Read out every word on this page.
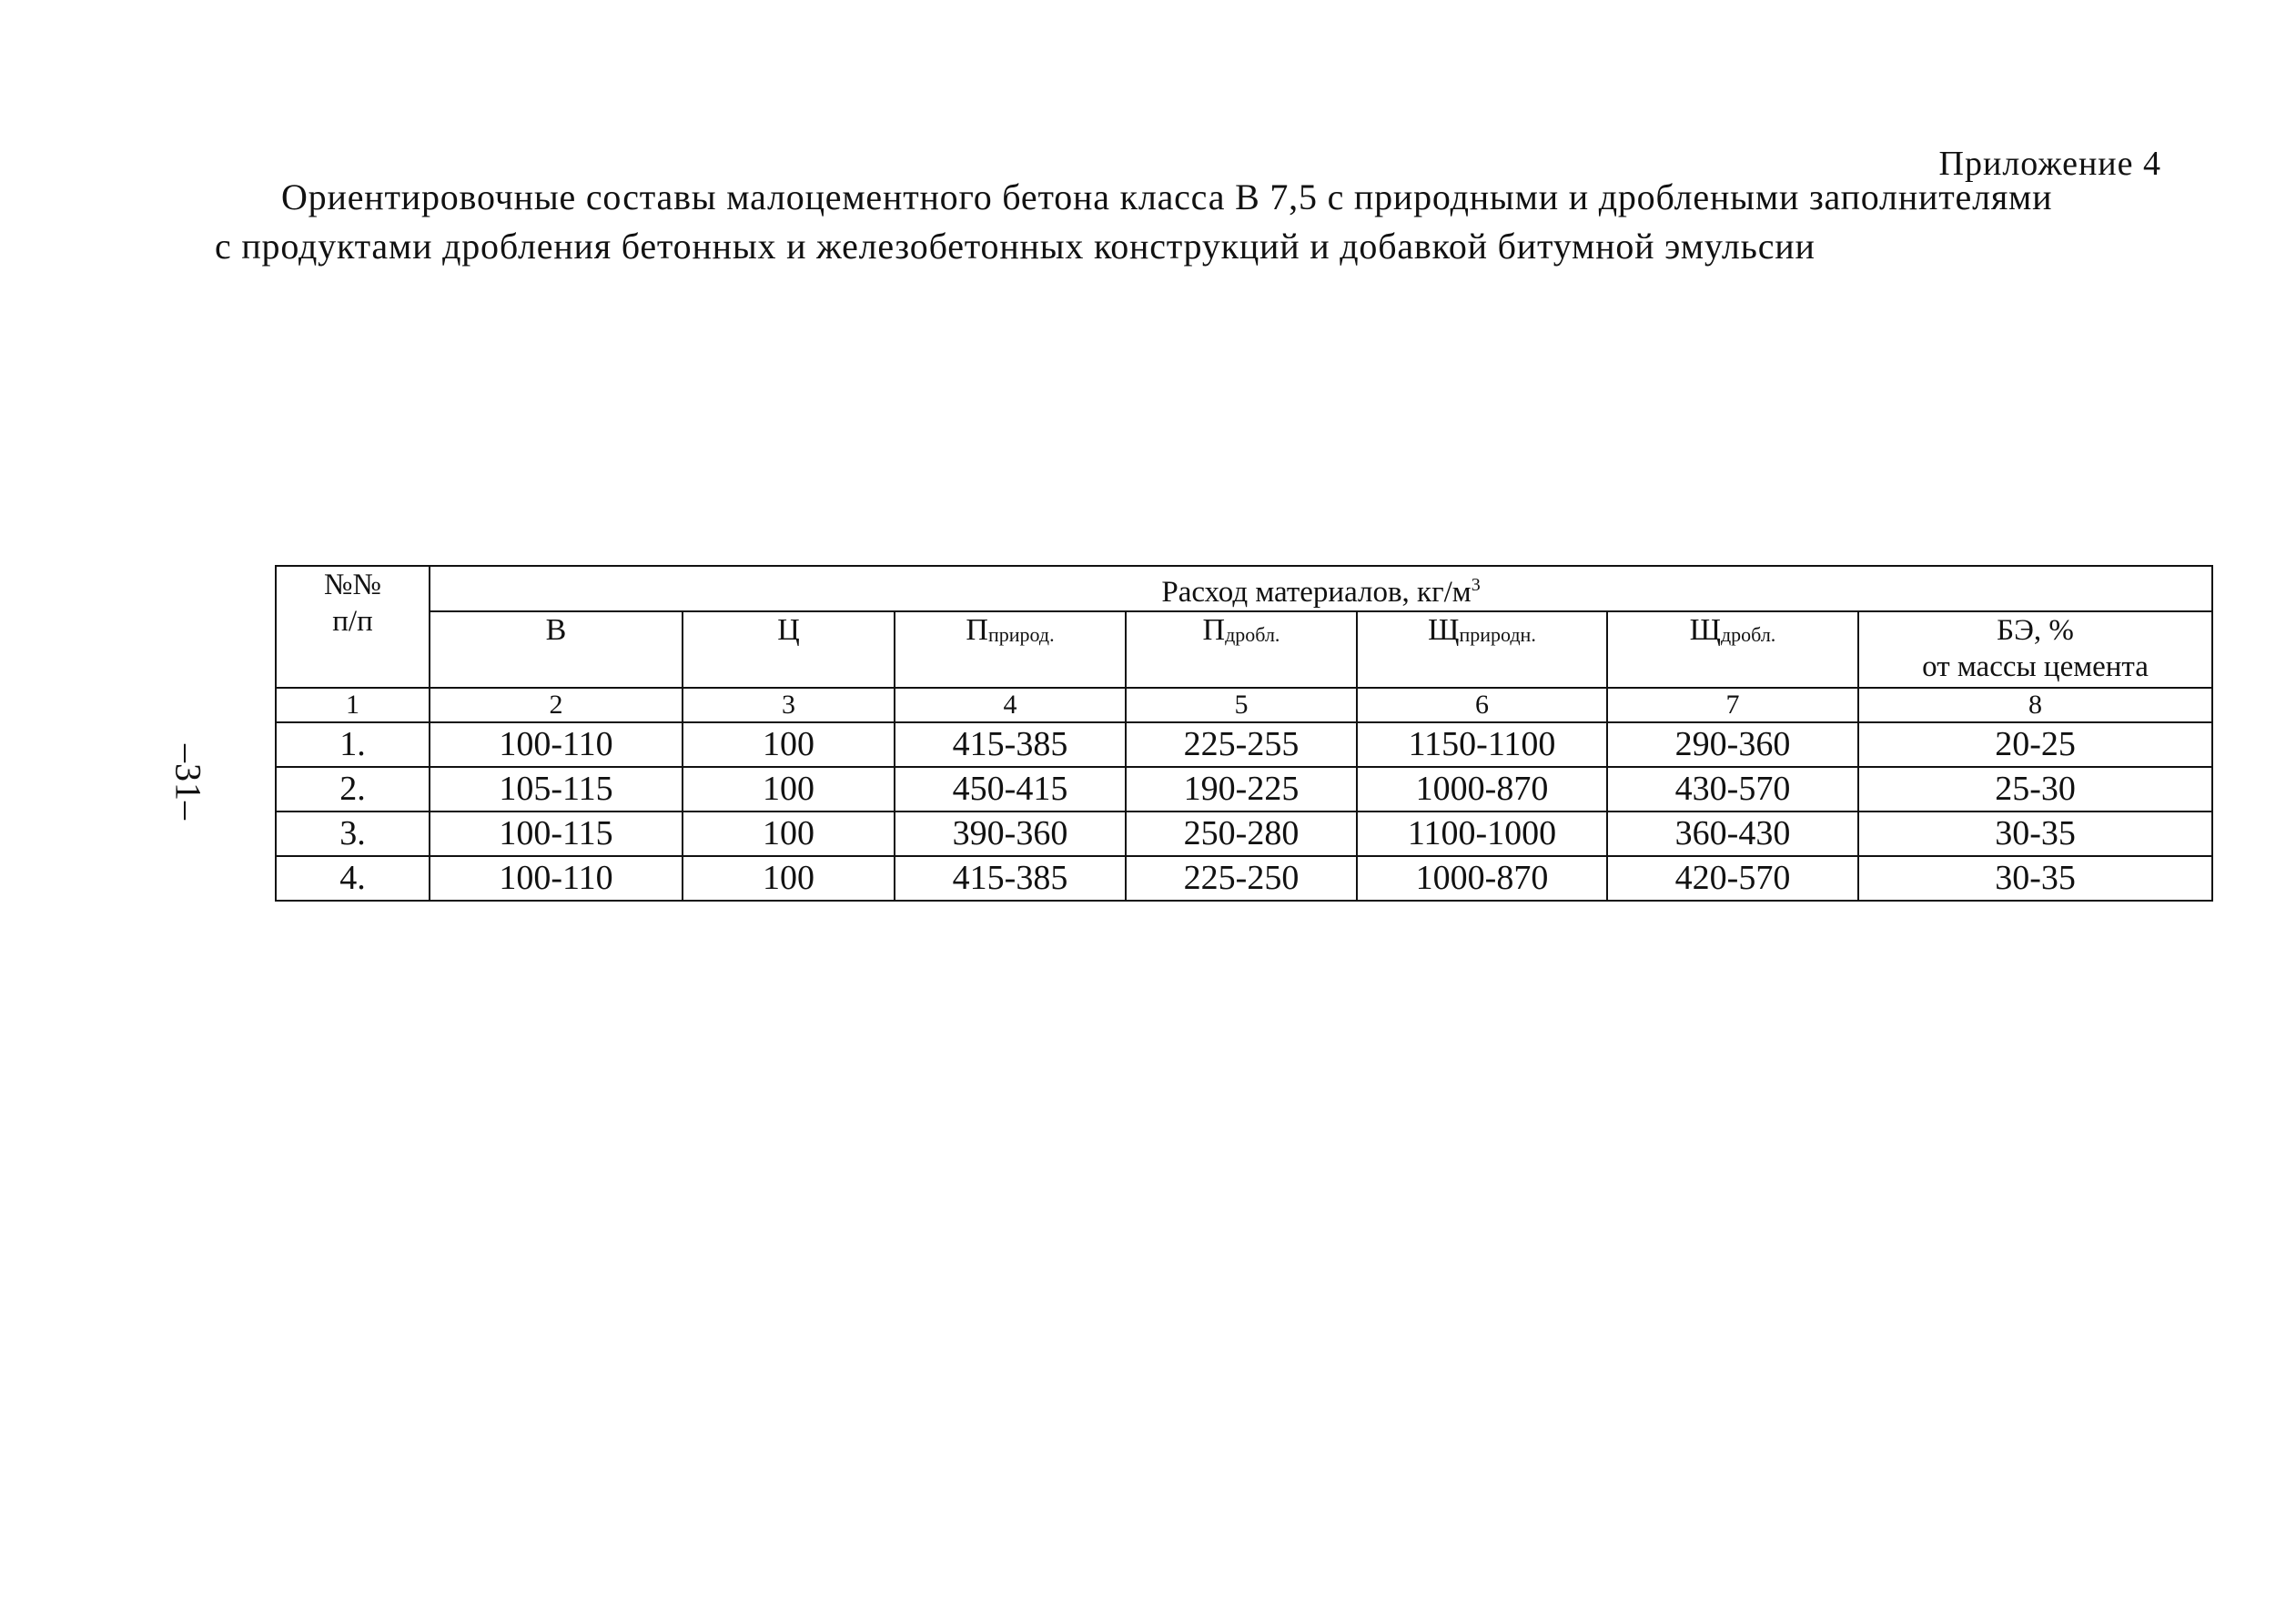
Приложение 4
Ориентировочные составы малоцементного бетона класса В 7,5 с природными и дроблеными заполнителями
с продуктами дробления бетонных и железобетонных конструкций и добавкой битумной эмульсии
–31–
№№
п/п	Расход материалов, $кг/м^3$
	В	Ц	$П_{природ.}$	$П_{дробл.}$	$Щ_{природн.}$	$Щ_{дробл.}$	БЭ, %
от массы цемента

1	2	3	4	5	6	7	8
1.	100-110	100	415-385	225-255	1150-1100	290-360	20-25
2.	105-115	100	450-415	190-225	1000-870	430-570	25-30
3.	100-115	100	390-360	250-280	1100-1000	360-430	30-35
4.	100-110	100	415-385	225-250	1000-870	420-570	30-35
